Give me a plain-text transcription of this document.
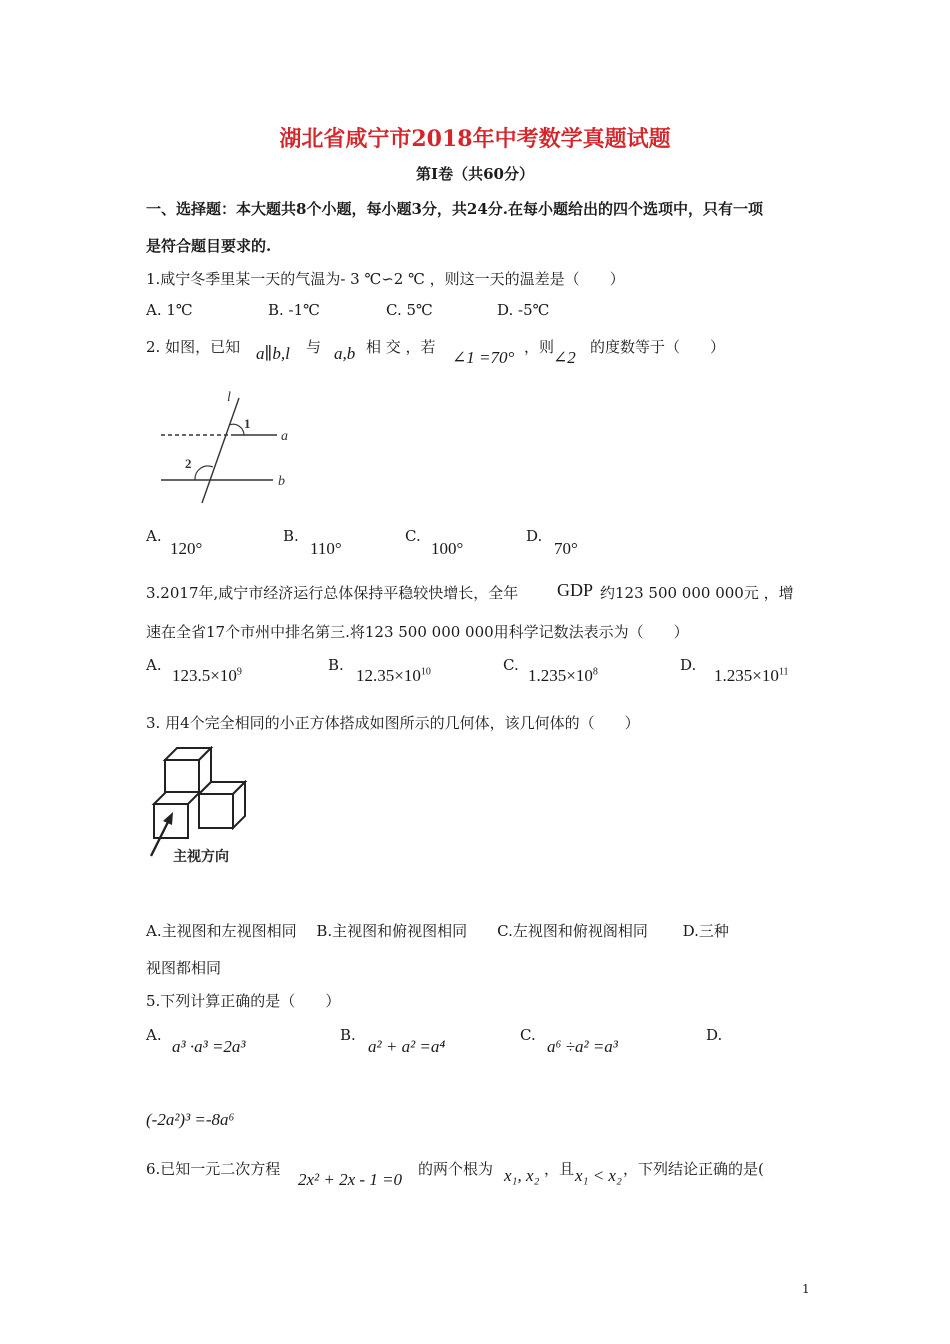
湖北省咸宁市2018年中考数学真题试题
第Ⅰ卷（共60分）
一、选择题：本大题共8个小题，每小题3分，共24分.在每小题给出的四个选项中，只有一项
是符合题目要求的.
1.咸宁冬季里某一天的气温为- 3 ℃∽2 ℃ ，则这一天的温差是（　　）
A. 1℃	B. -1℃	C. 5℃	D. -5℃
2. 如图，已知 a∥b,l 与 a,b 相 交 ，若
∠1 =70°
，则
∠2
的度数等于（　　）
l
1
2
a
b
A.
120°
B.
110°
C.
100°
D.
70°
3.2017年,咸宁市经济运行总体保持平稳较快增长，全年 GDP 约123 500 000 000元 ，增
速在全省17个市州中排名第三.将123 500 000 000用科学记数法表示为（　　）
A.
$123.5\times 10^9$	B.
$12.35\times 10^{10}$	C.
$1.235\times 10^8$	D.
$1.235\times 10^{11}$
3. 用4个完全相同的小正方体搭成如图所示的几何体，该几何体的（　　）
主视方向
A.主视图和左视图相同　 B.主视图和俯视图相同　　C.左视图和俯视阁相同　　 D.三种
视图都相同
5.下列计算正确的是（　　）
A.
a³ ·a³ =2a³
B.
a² + a² =a⁴
C.
a⁶ ÷a² =a³
D.
(-2a²)³ =-8a⁶
6.已知一元二次方程
2x² + 2x - 1 =0
的两个根为 x₁, x₂ ，且 x₁ < x₂ ，下列结论正确的是(
1
